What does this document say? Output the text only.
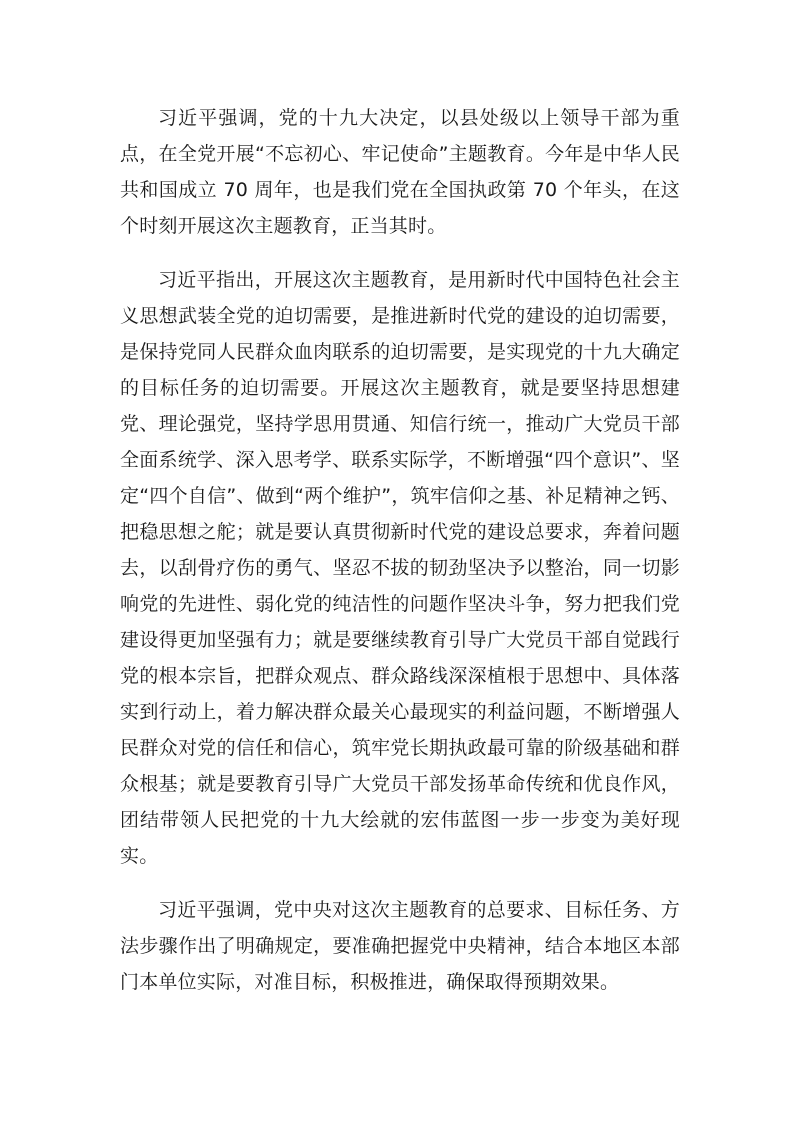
习近平强调，党的十九大决定，以县处级以上领导干部为重点，在全党开展“不忘初心、牢记使命”主题教育。今年是中华人民共和国成立 70 周年，也是我们党在全国执政第 70 个年头，在这个时刻开展这次主题教育，正当其时。

习近平指出，开展这次主题教育，是用新时代中国特色社会主义思想武装全党的迫切需要，是推进新时代党的建设的迫切需要，是保持党同人民群众血肉联系的迫切需要，是实现党的十九大确定的目标任务的迫切需要。开展这次主题教育，就是要坚持思想建党、理论强党，坚持学思用贯通、知信行统一，推动广大党员干部全面系统学、深入思考学、联系实际学，不断增强“四个意识”、坚定“四个自信”、做到“两个维护”，筑牢信仰之基、补足精神之钙、把稳思想之舵；就是要认真贯彻新时代党的建设总要求，奔着问题去，以刮骨疗伤的勇气、坚忍不拔的韧劲坚决予以整治，同一切影响党的先进性、弱化党的纯洁性的问题作坚决斗争，努力把我们党建设得更加坚强有力；就是要继续教育引导广大党员干部自觉践行党的根本宗旨，把群众观点、群众路线深深植根于思想中、具体落实到行动上，着力解决群众最关心最现实的利益问题，不断增强人民群众对党的信任和信心，筑牢党长期执政最可靠的阶级基础和群众根基；就是要教育引导广大党员干部发扬革命传统和优良作风，团结带领人民把党的十九大绘就的宏伟蓝图一步一步变为美好现实。

习近平强调，党中央对这次主题教育的总要求、目标任务、方法步骤作出了明确规定，要准确把握党中央精神，结合本地区本部门本单位实际，对准目标，积极推进，确保取得预期效果。
